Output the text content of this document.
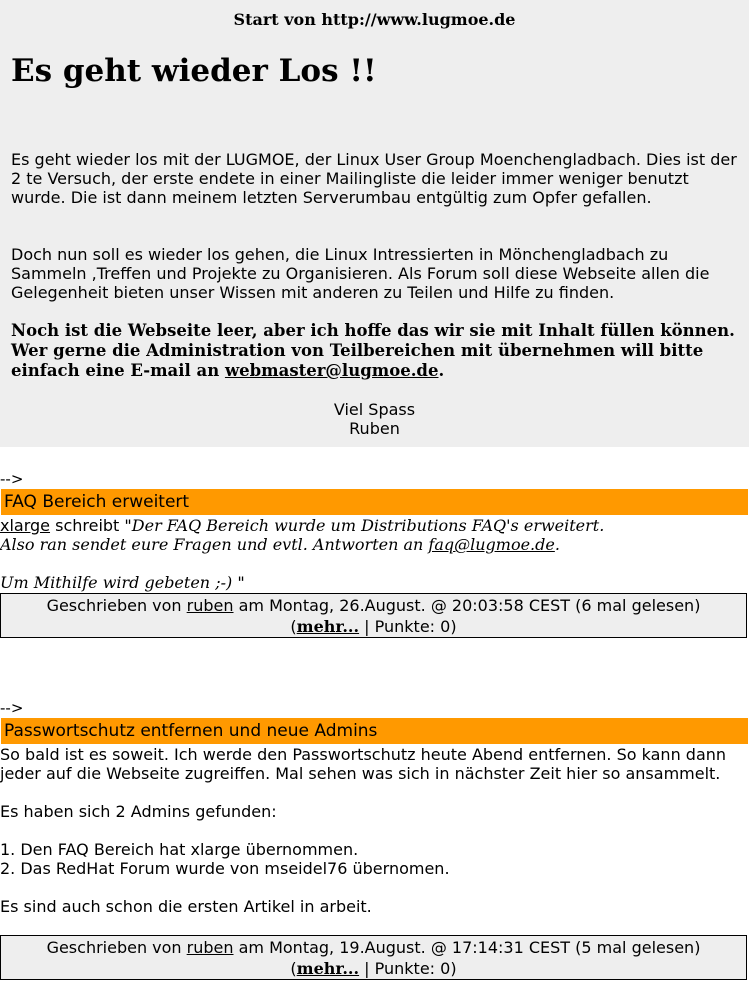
Start von http://www.lugmoe.de
Es geht wieder Los !!

Es geht wieder los mit der LUGMOE, der Linux User Group Moenchengladbach. Dies ist der 2 te Versuch, der erste endete in einer Mailingliste die leider immer weniger benutzt wurde. Die ist dann meinem letzten Serverumbau entgültig zum Opfer gefallen.

Doch nun soll es wieder los gehen, die Linux Intressierten in Mönchengladbach zu Sammeln ,Treffen und Projekte zu Organisieren. Als Forum soll diese Webseite allen die Gelegenheit bieten unser Wissen mit anderen zu Teilen und Hilfe zu finden.

Noch ist die Webseite leer, aber ich hoffe das wir sie mit Inhalt füllen können. Wer gerne die Administration von Teilbereichen mit übernehmen will bitte einfach eine E-mail an webmaster@lugmoe.de.

Viel Spass
Ruben
-->
FAQ Bereich erweitert

xlarge schreibt "Der FAQ Bereich wurde um Distributions FAQ's erweitert.

Also ran sendet eure Fragen und evtl. Antworten an faq@lugmoe.de.

Um Mithilfe wird gebeten ;-) "

Geschrieben von ruben am Montag, 26.August. @ 20:03:58 CEST (6 mal gelesen)
(mehr... | Punkte: 0)
-->
Passwortschutz entfernen und neue Admins

So bald ist es soweit. Ich werde den Passwortschutz heute Abend entfernen. So kann dann jeder auf die Webseite zugreiffen. Mal sehen was sich in nächster Zeit hier so ansammelt.

Es haben sich 2 Admins gefunden:

1. Den FAQ Bereich hat xlarge übernommen.

2. Das RedHat Forum wurde von mseidel76 übernomen.

Es sind auch schon die ersten Artikel in arbeit.

Geschrieben von ruben am Montag, 19.August. @ 17:14:31 CEST (5 mal gelesen)
(mehr... | Punkte: 0)
